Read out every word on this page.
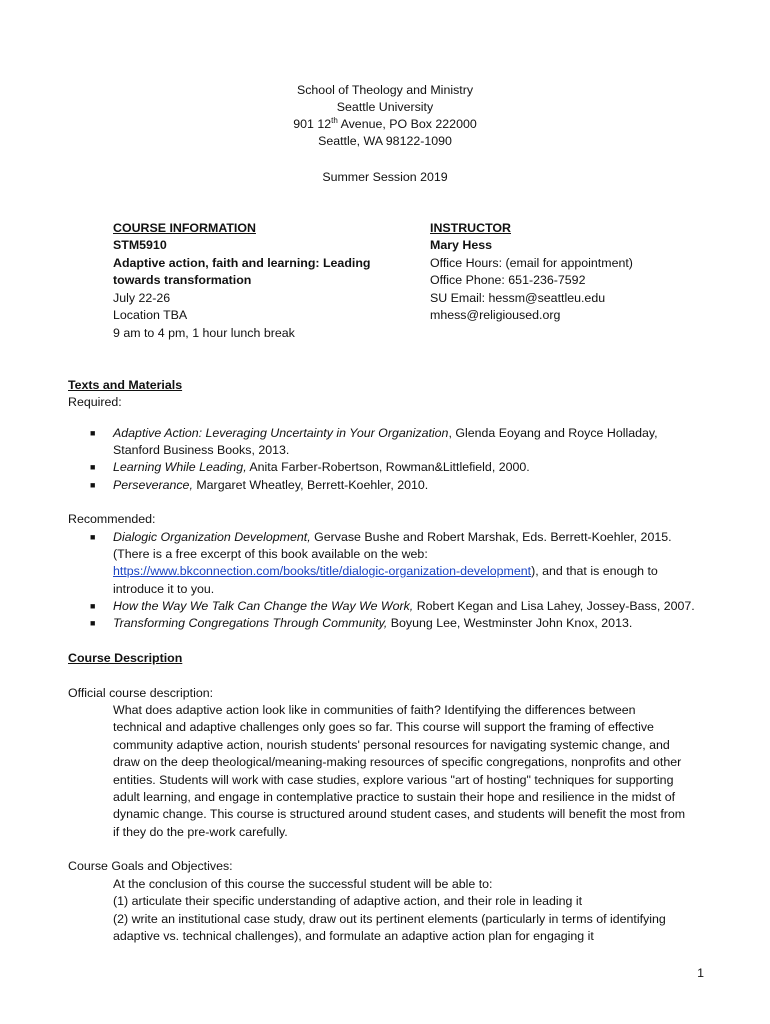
School of Theology and Ministry
Seattle University
901 12th Avenue, PO Box 222000
Seattle, WA 98122-1090
Summer Session 2019
COURSE INFORMATION
STM5910
Adaptive action, faith and learning: Leading
towards transformation
July 22-26
Location TBA
9 am to 4 pm, 1 hour lunch break
INSTRUCTOR
Mary Hess
Office Hours: (email for appointment)
Office Phone: 651-236-7592
SU Email: hessm@seattleu.edu
mhess@religioused.org
Texts and Materials
Required:
■ Adaptive Action: Leveraging Uncertainty in Your Organization, Glenda Eoyang and Royce Holladay,
Stanford Business Books, 2013.
■ Learning While Leading, Anita Farber-Robertson, Rowman&Littlefield, 2000.
■ Perseverance, Margaret Wheatley, Berrett-Koehler, 2010.
Recommended:
■ Dialogic Organization Development, Gervase Bushe and Robert Marshak, Eds. Berrett-Koehler, 2015.
(There is a free excerpt of this book available on the web:
https://www.bkconnection.com/books/title/dialogic-organization-development), and that is enough to
introduce it to you.
■ How the Way We Talk Can Change the Way We Work, Robert Kegan and Lisa Lahey, Jossey-Bass, 2007.
■ Transforming Congregations Through Community, Boyung Lee, Westminster John Knox, 2013.
Course Description
Official course description:
What does adaptive action look like in communities of faith? Identifying the differences between
technical and adaptive challenges only goes so far. This course will support the framing of effective
community adaptive action, nourish students' personal resources for navigating systemic change, and
draw on the deep theological/meaning-making resources of specific congregations, nonprofits and other
entities. Students will work with case studies, explore various "art of hosting" techniques for supporting
adult learning, and engage in contemplative practice to sustain their hope and resilience in the midst of
dynamic change. This course is structured around student cases, and students will benefit the most from
if they do the pre-work carefully.
Course Goals and Objectives:
At the conclusion of this course the successful student will be able to:
(1) articulate their specific understanding of adaptive action, and their role in leading it
(2) write an institutional case study, draw out its pertinent elements (particularly in terms of identifying
adaptive vs. technical challenges), and formulate an adaptive action plan for engaging it
1
